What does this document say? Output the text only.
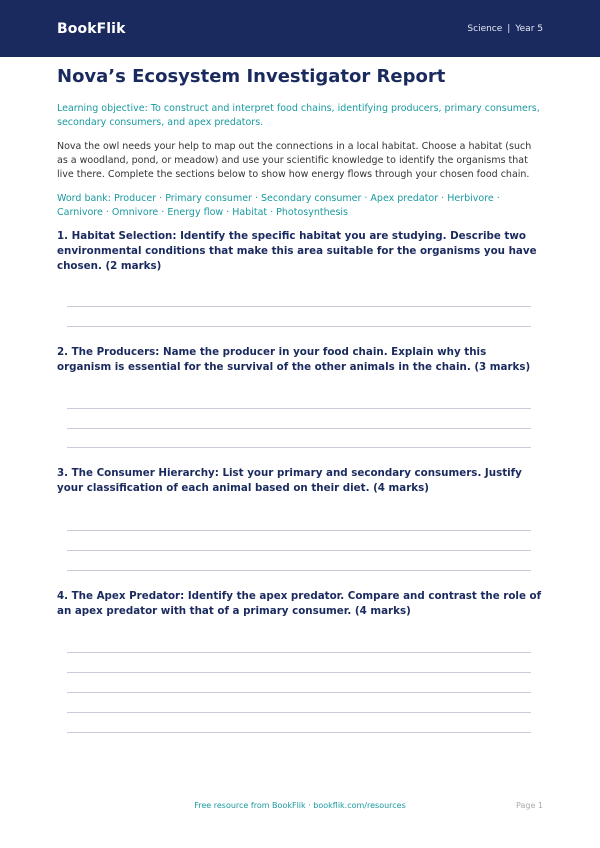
BookFlik	Science | Year 5
Nova’s Ecosystem Investigator Report
Learning objective: To construct and interpret food chains, identifying producers, primary consumers, secondary consumers, and apex predators.
Nova the owl needs your help to map out the connections in a local habitat. Choose a habitat (such as a woodland, pond, or meadow) and use your scientific knowledge to identify the organisms that live there. Complete the sections below to show how energy flows through your chosen food chain.
Word bank: Producer · Primary consumer · Secondary consumer · Apex predator · Herbivore · Carnivore · Omnivore · Energy flow · Habitat · Photosynthesis
1. Habitat Selection: Identify the specific habitat you are studying. Describe two environmental conditions that make this area suitable for the organisms you have chosen. (2 marks)
2. The Producers: Name the producer in your food chain. Explain why this organism is essential for the survival of the other animals in the chain. (3 marks)
3. The Consumer Hierarchy: List your primary and secondary consumers. Justify your classification of each animal based on their diet. (4 marks)
4. The Apex Predator: Identify the apex predator. Compare and contrast the role of an apex predator with that of a primary consumer. (4 marks)
Free resource from BookFlik · bookflik.com/resources	Page 1
